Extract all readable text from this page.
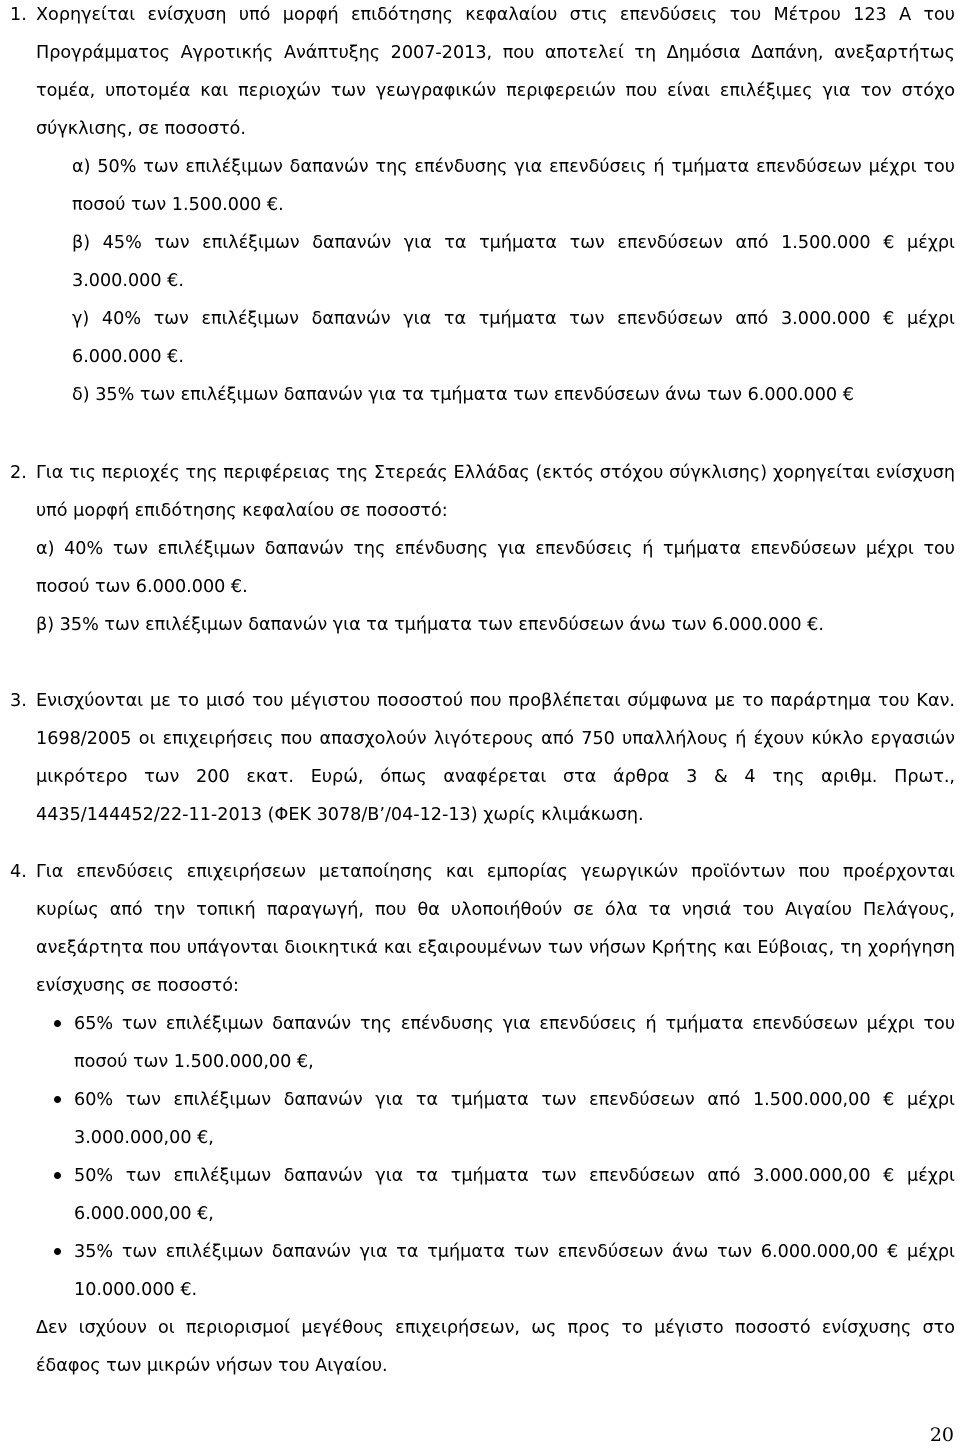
1. Χορηγείται ενίσχυση υπό μορφή επιδότησης κεφαλαίου στις επενδύσεις του Μέτρου 123 Α του Προγράμματος Αγροτικής Ανάπτυξης 2007-2013, που αποτελεί τη Δημόσια Δαπάνη, ανεξαρτήτως τομέα, υποτομέα και περιοχών των γεωγραφικών περιφερειών που είναι επιλέξιμες για τον στόχο σύγκλισης, σε ποσοστό.

α) 50% των επιλέξιμων δαπανών της επένδυσης για επενδύσεις ή τμήματα επενδύσεων μέχρι του ποσού των 1.500.000 €.

β) 45% των επιλέξιμων δαπανών για τα τμήματα των επενδύσεων από 1.500.000 € μέχρι 3.000.000 €.

γ) 40% των επιλέξιμων δαπανών για τα τμήματα των επενδύσεων από 3.000.000 € μέχρι 6.000.000 €.

δ) 35% των επιλέξιμων δαπανών για τα τμήματα των επενδύσεων άνω των 6.000.000 €

2. Για τις περιοχές της περιφέρειας της Στερεάς Ελλάδας (εκτός στόχου σύγκλισης) χορηγείται ενίσχυση υπό μορφή επιδότησης κεφαλαίου σε ποσοστό:

α) 40% των επιλέξιμων δαπανών της επένδυσης για επενδύσεις ή τμήματα επενδύσεων μέχρι του ποσού των 6.000.000 €.

β) 35% των επιλέξιμων δαπανών για τα τμήματα των επενδύσεων άνω των 6.000.000 €.

3. Ενισχύονται με το μισό του μέγιστου ποσοστού που προβλέπεται σύμφωνα με το παράρτημα του Καν. 1698/2005 οι επιχειρήσεις που απασχολούν λιγότερους από 750 υπαλλήλους ή έχουν κύκλο εργασιών μικρότερο των 200 εκατ. Ευρώ, όπως αναφέρεται στα άρθρα 3 & 4 της αριθμ. Πρωτ., 4435/144452/22-11-2013 (ΦΕΚ 3078/Β’/04-12-13) χωρίς κλιμάκωση.

4. Για επενδύσεις επιχειρήσεων μεταποίησης και εμπορίας γεωργικών προϊόντων που προέρχονται κυρίως από την τοπική παραγωγή, που θα υλοποιήθούν σε όλα τα νησιά του Αιγαίου Πελάγους, ανεξάρτητα που υπάγονται διοικητικά και εξαιρουμένων των νήσων Κρήτης και Εύβοιας, τη χορήγηση ενίσχυσης σε ποσοστό:

65% των επιλέξιμων δαπανών της επένδυσης για επενδύσεις ή τμήματα επενδύσεων μέχρι του ποσού των 1.500.000,00 €,
60% των επιλέξιμων δαπανών για τα τμήματα των επενδύσεων από 1.500.000,00 € μέχρι 3.000.000,00 €,
50% των επιλέξιμων δαπανών για τα τμήματα των επενδύσεων από 3.000.000,00 € μέχρι 6.000.000,00 €,
35% των επιλέξιμων δαπανών για τα τμήματα των επενδύσεων άνω των 6.000.000,00 € μέχρι 10.000.000 €.

Δεν ισχύουν οι περιορισμοί μεγέθους επιχειρήσεων, ως προς το μέγιστο ποσοστό ενίσχυσης στο έδαφος των μικρών νήσων του Αιγαίου.

20
